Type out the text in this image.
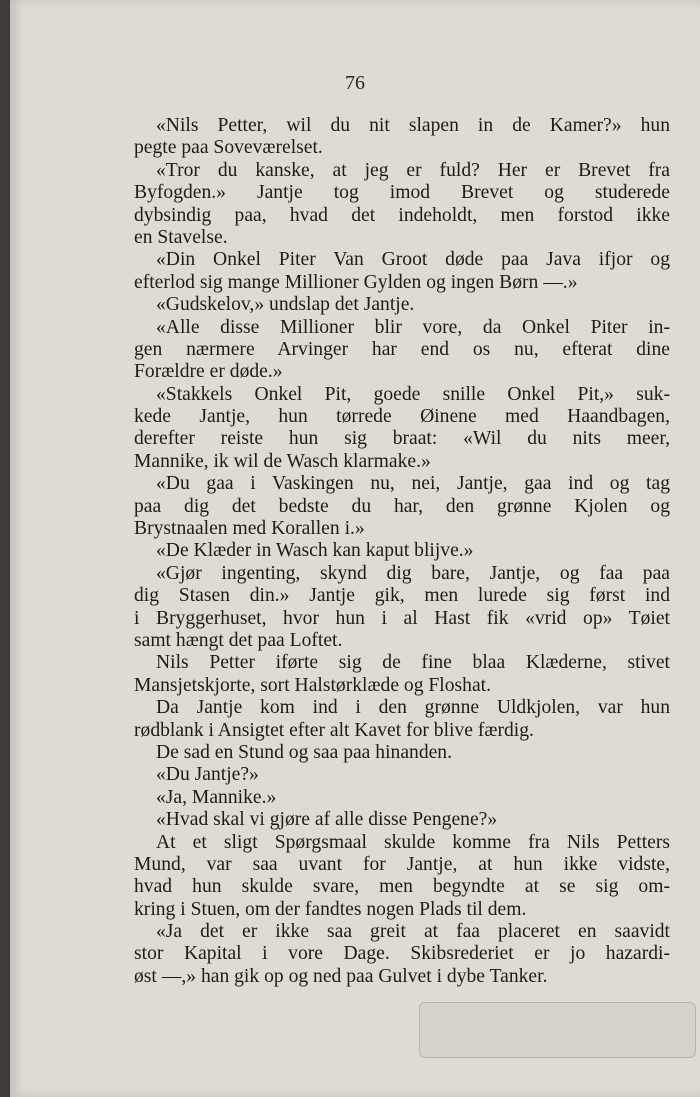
76
«Nils Petter, wil du nit slapen in de Kamer?» hun
pegte paa Soveværelset.
«Tror du kanske, at jeg er fuld? Her er Brevet fra
Byfogden.» Jantje tog imod Brevet og studerede
dybsindig paa, hvad det indeholdt, men forstod ikke
en Stavelse.
«Din Onkel Piter Van Groot døde paa Java ifjor og
efterlod sig mange Millioner Gylden og ingen Børn —.»
«Gudskelov,» undslap det Jantje.
«Alle disse Millioner blir vore, da Onkel Piter in-
gen nærmere Arvinger har end os nu, efterat dine
Forældre er døde.»
«Stakkels Onkel Pit, goede snille Onkel Pit,» suk-
kede Jantje, hun tørrede Øinene med Haandbagen,
derefter reiste hun sig braat: «Wil du nits meer,
Mannike, ik wil de Wasch klarmake.»
«Du gaa i Vaskingen nu, nei, Jantje, gaa ind og tag
paa dig det bedste du har, den grønne Kjolen og
Brystnaalen med Korallen i.»
«De Klæder in Wasch kan kaput blijve.»
«Gjør ingenting, skynd dig bare, Jantje, og faa paa
dig Stasen din.» Jantje gik, men lurede sig først ind
i Bryggerhuset, hvor hun i al Hast fik «vrid op» Tøiet
samt hængt det paa Loftet.
Nils Petter iførte sig de fine blaa Klæderne, stivet
Mansjetskjorte, sort Halstørklæde og Floshat.
Da Jantje kom ind i den grønne Uldkjolen, var hun
rødblank i Ansigtet efter alt Kavet for blive færdig.
De sad en Stund og saa paa hinanden.
«Du Jantje?»
«Ja, Mannike.»
«Hvad skal vi gjøre af alle disse Pengene?»
At et sligt Spørgsmaal skulde komme fra Nils Petters
Mund, var saa uvant for Jantje, at hun ikke vidste,
hvad hun skulde svare, men begyndte at se sig om-
kring i Stuen, om der fandtes nogen Plads til dem.
«Ja det er ikke saa greit at faa placeret en saavidt
stor Kapital i vore Dage. Skibsrederiet er jo hazardi-
øst —,» han gik op og ned paa Gulvet i dybe Tanker.
